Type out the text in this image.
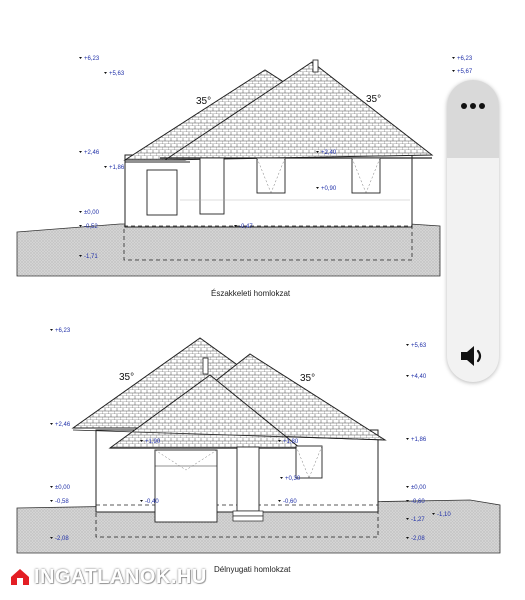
35°	35°
+6,23
+5,63
+2,46
+1,86
±0,00
-0,52
-1,71
+2,40
+0,90
-0,47
+6,23
+5,67
Északkeleti homlokzat
35°	35°
+6,23
+2,46
±0,00
-0,58
-2,08
+1,90	+1,80
+0,30
-0,40	-0,60
+5,63
+4,40
+1,86
±0,00
-0,60
-1,27
-1,10
-2,08
Délnyugati homlokzat
INGATLANOK.HU
